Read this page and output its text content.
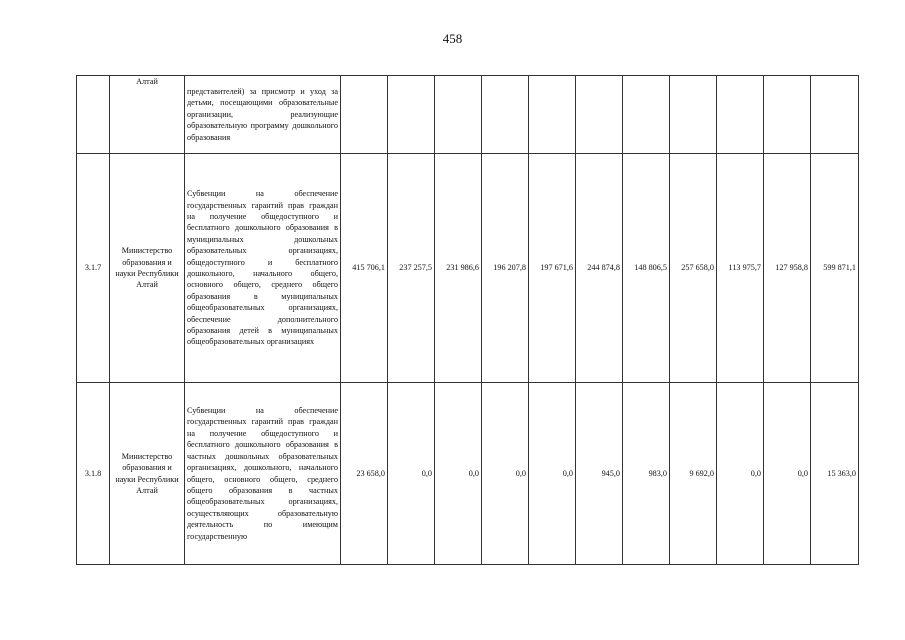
458
	Алтай	представителей) за присмотр и уход за детьми, посещающими образовательные организации, реализующие образовательную программу дошкольного образования											
3.1.7	Министерство образования и науки Республики Алтай	Субвенции на обеспечение государственных гарантий прав граждан на получение общедоступного и бесплатного дошкольного образования в муниципальных дошкольных образовательных организациях, общедоступного и бесплатного дошкольного, начального общего, основного общего, среднего общего образования в муниципальных общеобразовательных организациях, обеспечение дополнительного образования детей в муниципальных общеобразовательных организациях	415 706,1	237 257,5	231 986,6	196 207,8	197 671,6	244 874,8	148 806,5	257 658,0	113 975,7	127 958,8	599 871,1
3.1.8	Министерство образования и науки Республики Алтай	Субвенции на обеспечение государственных гарантий прав граждан на получение общедоступного и бесплатного дошкольного образования в частных дошкольных образовательных организациях, дошкольного, начального общего, основного общего, среднего общего образования в частных общеобразовательных организациях, осуществляющих образовательную деятельность по имеющим государственную	23 658,0	0,0	0,0	0,0	0,0	945,0	983,0	9 692,0	0,0	0,0	15 363,0
